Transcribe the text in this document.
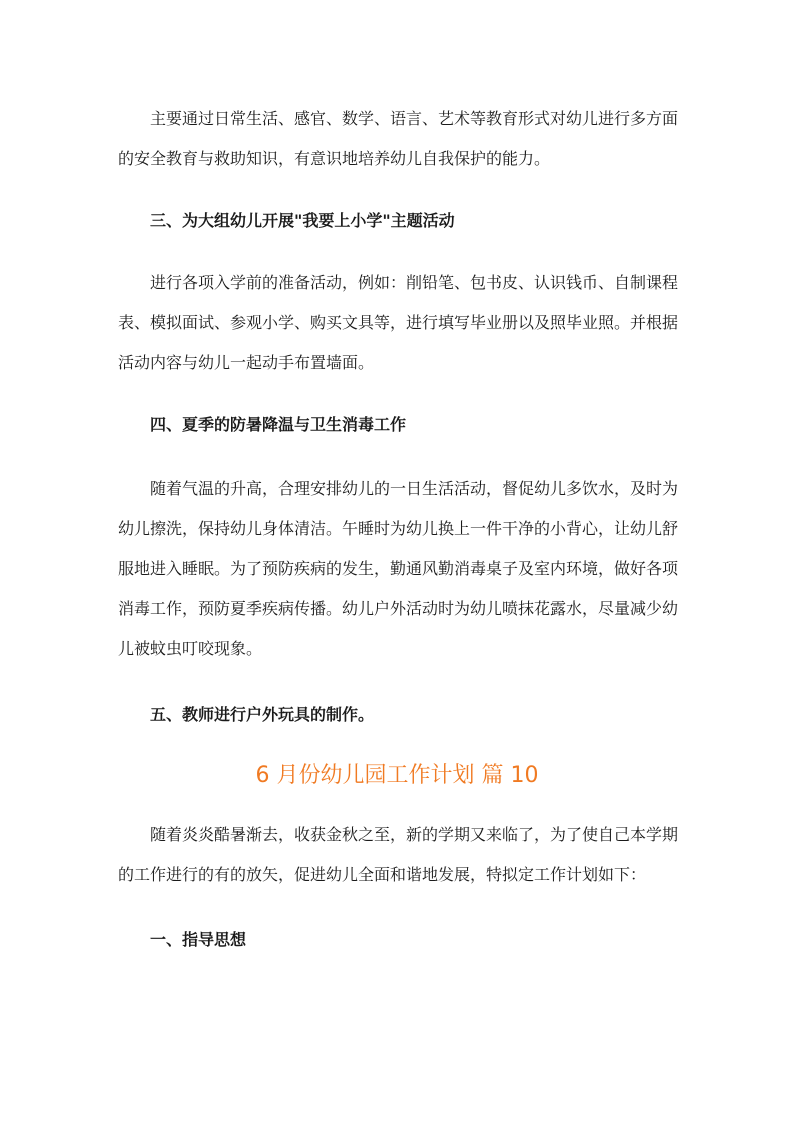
主要通过日常生活、感官、数学、语言、艺术等教育形式对幼儿进行多方面的安全教育与救助知识，有意识地培养幼儿自我保护的能力。

三、为大组幼儿开展"我要上小学"主题活动

进行各项入学前的准备活动，例如：削铅笔、包书皮、认识钱币、自制课程表、模拟面试、参观小学、购买文具等，进行填写毕业册以及照毕业照。并根据活动内容与幼儿一起动手布置墙面。

四、夏季的防暑降温与卫生消毒工作

随着气温的升高，合理安排幼儿的一日生活活动，督促幼儿多饮水，及时为幼儿擦洗，保持幼儿身体清洁。午睡时为幼儿换上一件干净的小背心，让幼儿舒服地进入睡眠。为了预防疾病的发生，勤通风勤消毒桌子及室内环境，做好各项消毒工作，预防夏季疾病传播。幼儿户外活动时为幼儿喷抹花露水，尽量减少幼儿被蚊虫叮咬现象。

五、教师进行户外玩具的制作。
6 月份幼儿园工作计划 篇 10

随着炎炎酷暑渐去，收获金秋之至，新的学期又来临了，为了使自己本学期的工作进行的有的放矢，促进幼儿全面和谐地发展，特拟定工作计划如下：

一、指导思想
